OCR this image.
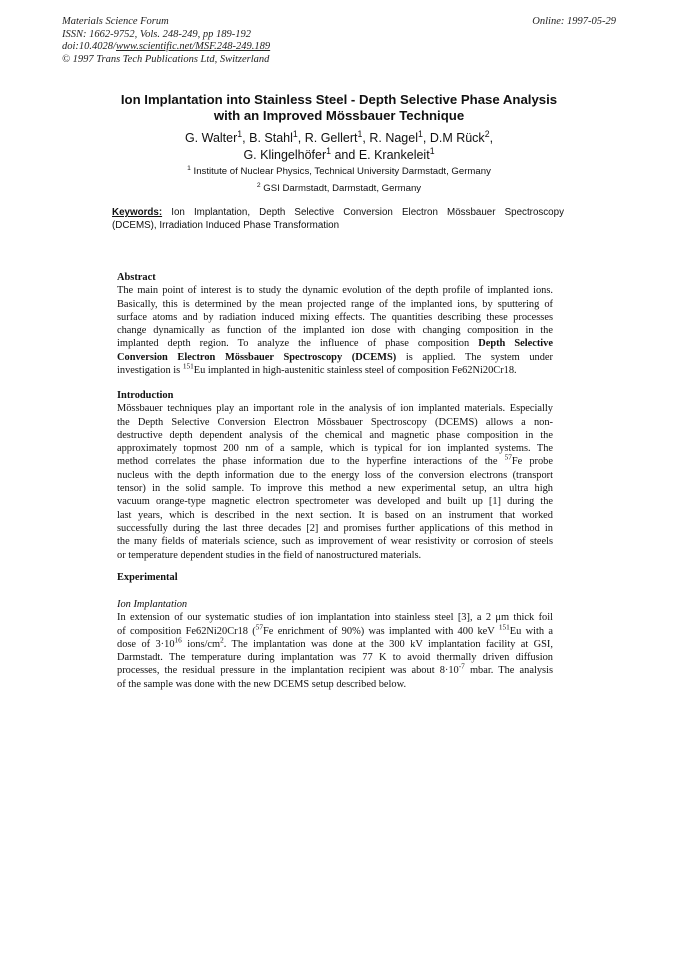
Materials Science Forum
ISSN: 1662-9752, Vols. 248-249, pp 189-192
doi:10.4028/www.scientific.net/MSF.248-249.189
© 1997 Trans Tech Publications Ltd, Switzerland
Online: 1997-05-29
Ion Implantation into Stainless Steel - Depth Selective Phase Analysis
with an Improved Mössbauer Technique
G. Walter$^1$, B. Stahl$^1$, R. Gellert$^1$, R. Nagel$^1$, D.M Rück$^2$,
G. Klingelhöfer$^1$ and E. Krankeleit$^1$
$^1$ Institute of Nuclear Physics, Technical University Darmstadt, Germany
$^2$ GSI Darmstadt, Darmstadt, Germany
Keywords: Ion Implantation, Depth Selective Conversion Electron Mössbauer Spectroscopy
(DCEMS), Irradiation Induced Phase Transformation
Abstract
The main point of interest is to study the dynamic evolution of the depth profile of implanted ions.
Basically, this is determined by the mean projected range of the implanted ions, by sputtering of
surface atoms and by radiation induced mixing effects. The quantities describing these processes
change dynamically as function of the implanted ion dose with changing composition in the
implanted depth region. To analyze the influence of phase composition Depth Selective
Conversion Electron Mössbauer Spectroscopy (DCEMS) is applied. The system under
investigation is $^{151}$Eu implanted in high-austenitic stainless steel of composition Fe62Ni20Cr18.
Introduction
Mössbauer techniques play an important role in the analysis of ion implanted materials. Especially
the Depth Selective Conversion Electron Mössbauer Spectroscopy (DCEMS) allows a non-
destructive depth dependent analysis of the chemical and magnetic phase composition in the
approximately topmost 200 nm of a sample, which is typical for ion implanted systems. The
method correlates the phase information due to the hyperfine interactions of the $^{57}$Fe probe
nucleus with the depth information due to the energy loss of the conversion electrons (transport
tensor) in the solid sample. To improve this method a new experimental setup, an ultra high
vacuum orange-type magnetic electron spectrometer was developed and built up [1] during the
last years, which is described in the next section. It is based on an instrument that worked
successfully during the last three decades [2] and promises further applications of this method in
the many fields of materials science, such as improvement of wear resistivity or corrosion of steels
or temperature dependent studies in the field of nanostructured materials.
Experimental
Ion Implantation
In extension of our systematic studies of ion implantation into stainless steel [3], a 2 μm thick foil
of composition Fe62Ni20Cr18 ($^{57}$Fe enrichment of 90%) was implanted with 400 keV $^{151}$Eu with a
dose of $3\cdot 10^{16}$ ions/$cm^2$. The implantation was done at the 300 kV implantation facility at GSI,
Darmstadt. The temperature during implantation was 77 K to avoid thermally driven diffusion
processes, the residual pressure in the implantation recipient was about $8\cdot 10^{-7}$ mbar. The analysis
of the sample was done with the new DCEMS setup described below.
